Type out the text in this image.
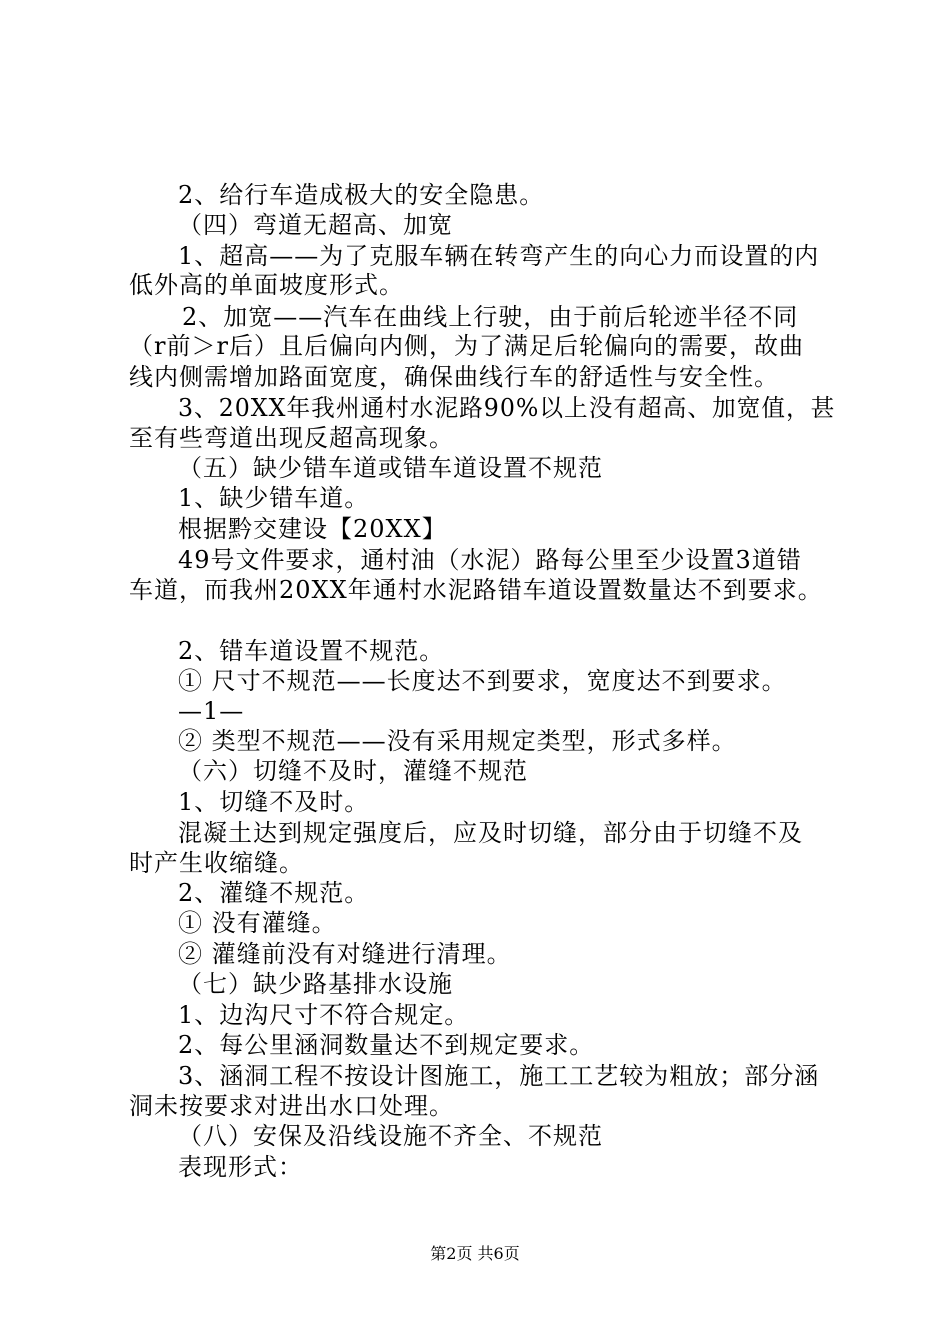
2、给行车造成极大的安全隐患。
（四）弯道无超高、加宽
1、超高——为了克服车辆在转弯产生的向心力而设置的内
低外高的单面坡度形式。
2、加宽——汽车在曲线上行驶，由于前后轮迹半径不同
（r前＞r后）且后偏向内侧，为了满足后轮偏向的需要，故曲
线内侧需增加路面宽度，确保曲线行车的舒适性与安全性。
3、20XX年我州通村水泥路90%以上没有超高、加宽值，甚
至有些弯道出现反超高现象。
（五）缺少错车道或错车道设置不规范
1、缺少错车道。
根据黔交建设【20XX】
49号文件要求，通村油（水泥）路每公里至少设置3道错
车道，而我州20XX年通村水泥路错车道设置数量达不到要求。
2、错车道设置不规范。
① 尺寸不规范——长度达不到要求，宽度达不到要求。
—1—
② 类型不规范——没有采用规定类型，形式多样。
（六）切缝不及时，灌缝不规范
1、切缝不及时。
混凝土达到规定强度后，应及时切缝，部分由于切缝不及
时产生收缩缝。
2、灌缝不规范。
① 没有灌缝。
② 灌缝前没有对缝进行清理。
（七）缺少路基排水设施
1、边沟尺寸不符合规定。
2、每公里涵洞数量达不到规定要求。
3、涵洞工程不按设计图施工，施工工艺较为粗放；部分涵
洞未按要求对进出水口处理。
（八）安保及沿线设施不齐全、不规范
表现形式：
第2页 共6页
